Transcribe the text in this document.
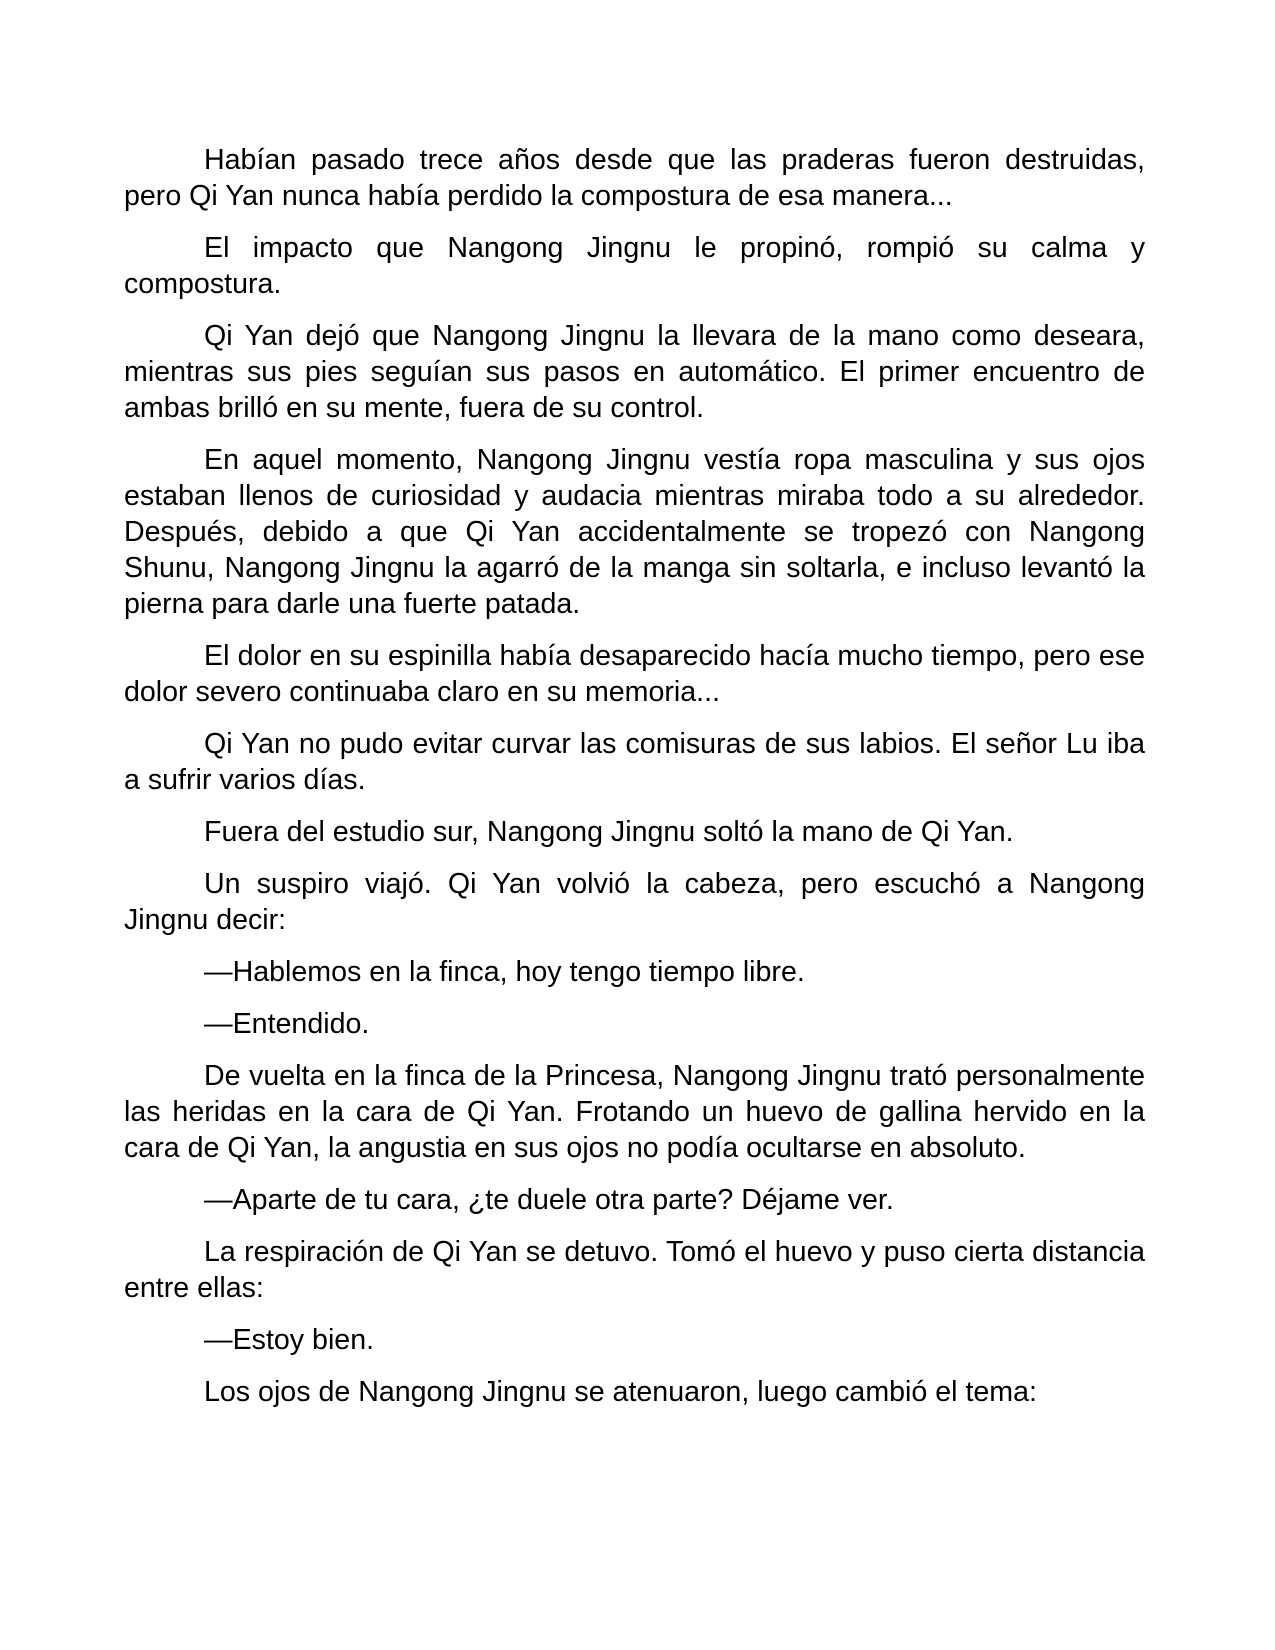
Habían pasado trece años desde que las praderas fueron destruidas, pero Qi Yan nunca había perdido la compostura de esa manera...

El impacto que Nangong Jingnu le propinó, rompió su calma y compostura.

Qi Yan dejó que Nangong Jingnu la llevara de la mano como deseara, mientras sus pies seguían sus pasos en automático. El primer encuentro de ambas brilló en su mente, fuera de su control.

En aquel momento, Nangong Jingnu vestía ropa masculina y sus ojos estaban llenos de curiosidad y audacia mientras miraba todo a su alrededor. Después, debido a que Qi Yan accidentalmente se tropezó con Nangong Shunu, Nangong Jingnu la agarró de la manga sin soltarla, e incluso levantó la pierna para darle una fuerte patada.

El dolor en su espinilla había desaparecido hacía mucho tiempo, pero ese dolor severo continuaba claro en su memoria...

Qi Yan no pudo evitar curvar las comisuras de sus labios. El señor Lu iba a sufrir varios días.

Fuera del estudio sur, Nangong Jingnu soltó la mano de Qi Yan.

Un suspiro viajó. Qi Yan volvió la cabeza, pero escuchó a Nangong Jingnu decir:

—Hablemos en la finca, hoy tengo tiempo libre.

—Entendido.

De vuelta en la finca de la Princesa, Nangong Jingnu trató personalmente las heridas en la cara de Qi Yan. Frotando un huevo de gallina hervido en la cara de Qi Yan, la angustia en sus ojos no podía ocultarse en absoluto.

—Aparte de tu cara, ¿te duele otra parte? Déjame ver.

La respiración de Qi Yan se detuvo. Tomó el huevo y puso cierta distancia entre ellas:

—Estoy bien.

Los ojos de Nangong Jingnu se atenuaron, luego cambió el tema:
